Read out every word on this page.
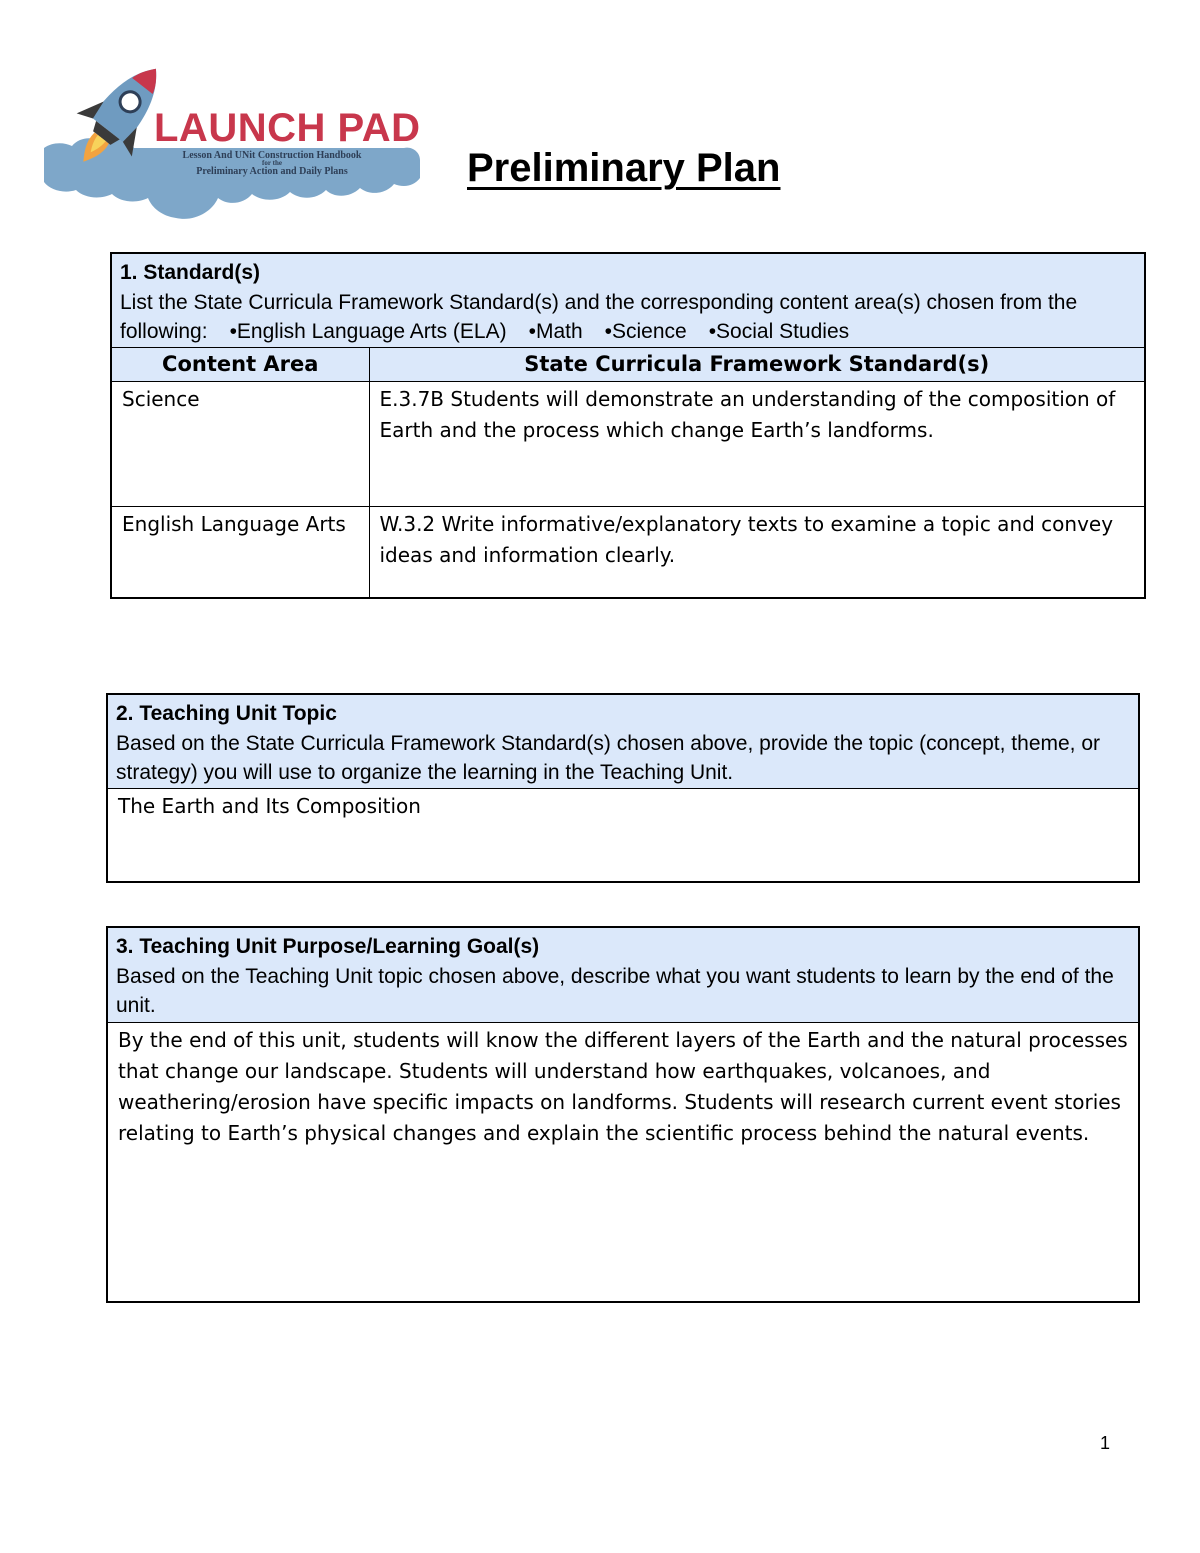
LAUNCH PAD
Lesson And UNit Construction Handbook
for the
Preliminary Action and Daily Plans	Preliminary Plan
1. Standard(s)
List the State Curricula Framework Standard(s) and the corresponding content area(s) chosen from the
following: •English Language Arts (ELA) •Math •Science •Social Studies	
Content Area	State Curricula Framework Standard(s)
Science	E.3.7B Students will demonstrate an understanding of the composition of Earth and the process which change Earth’s landforms.
English Language Arts	W.3.2 Write informative/explanatory texts to examine a topic and convey ideas and information clearly.
2. Teaching Unit Topic
Based on the State Curricula Framework Standard(s) chosen above, provide the topic (concept, theme, or strategy) you will use to organize the learning in the Teaching Unit.
The Earth and Its Composition
3. Teaching Unit Purpose/Learning Goal(s)
Based on the Teaching Unit topic chosen above, describe what you want students to learn by the end of the unit.
By the end of this unit, students will know the different layers of the Earth and the natural processes that change our landscape. Students will understand how earthquakes, volcanoes, and weathering/erosion have specific impacts on landforms. Students will research current event stories relating to Earth’s physical changes and explain the scientific process behind the natural events.
1
